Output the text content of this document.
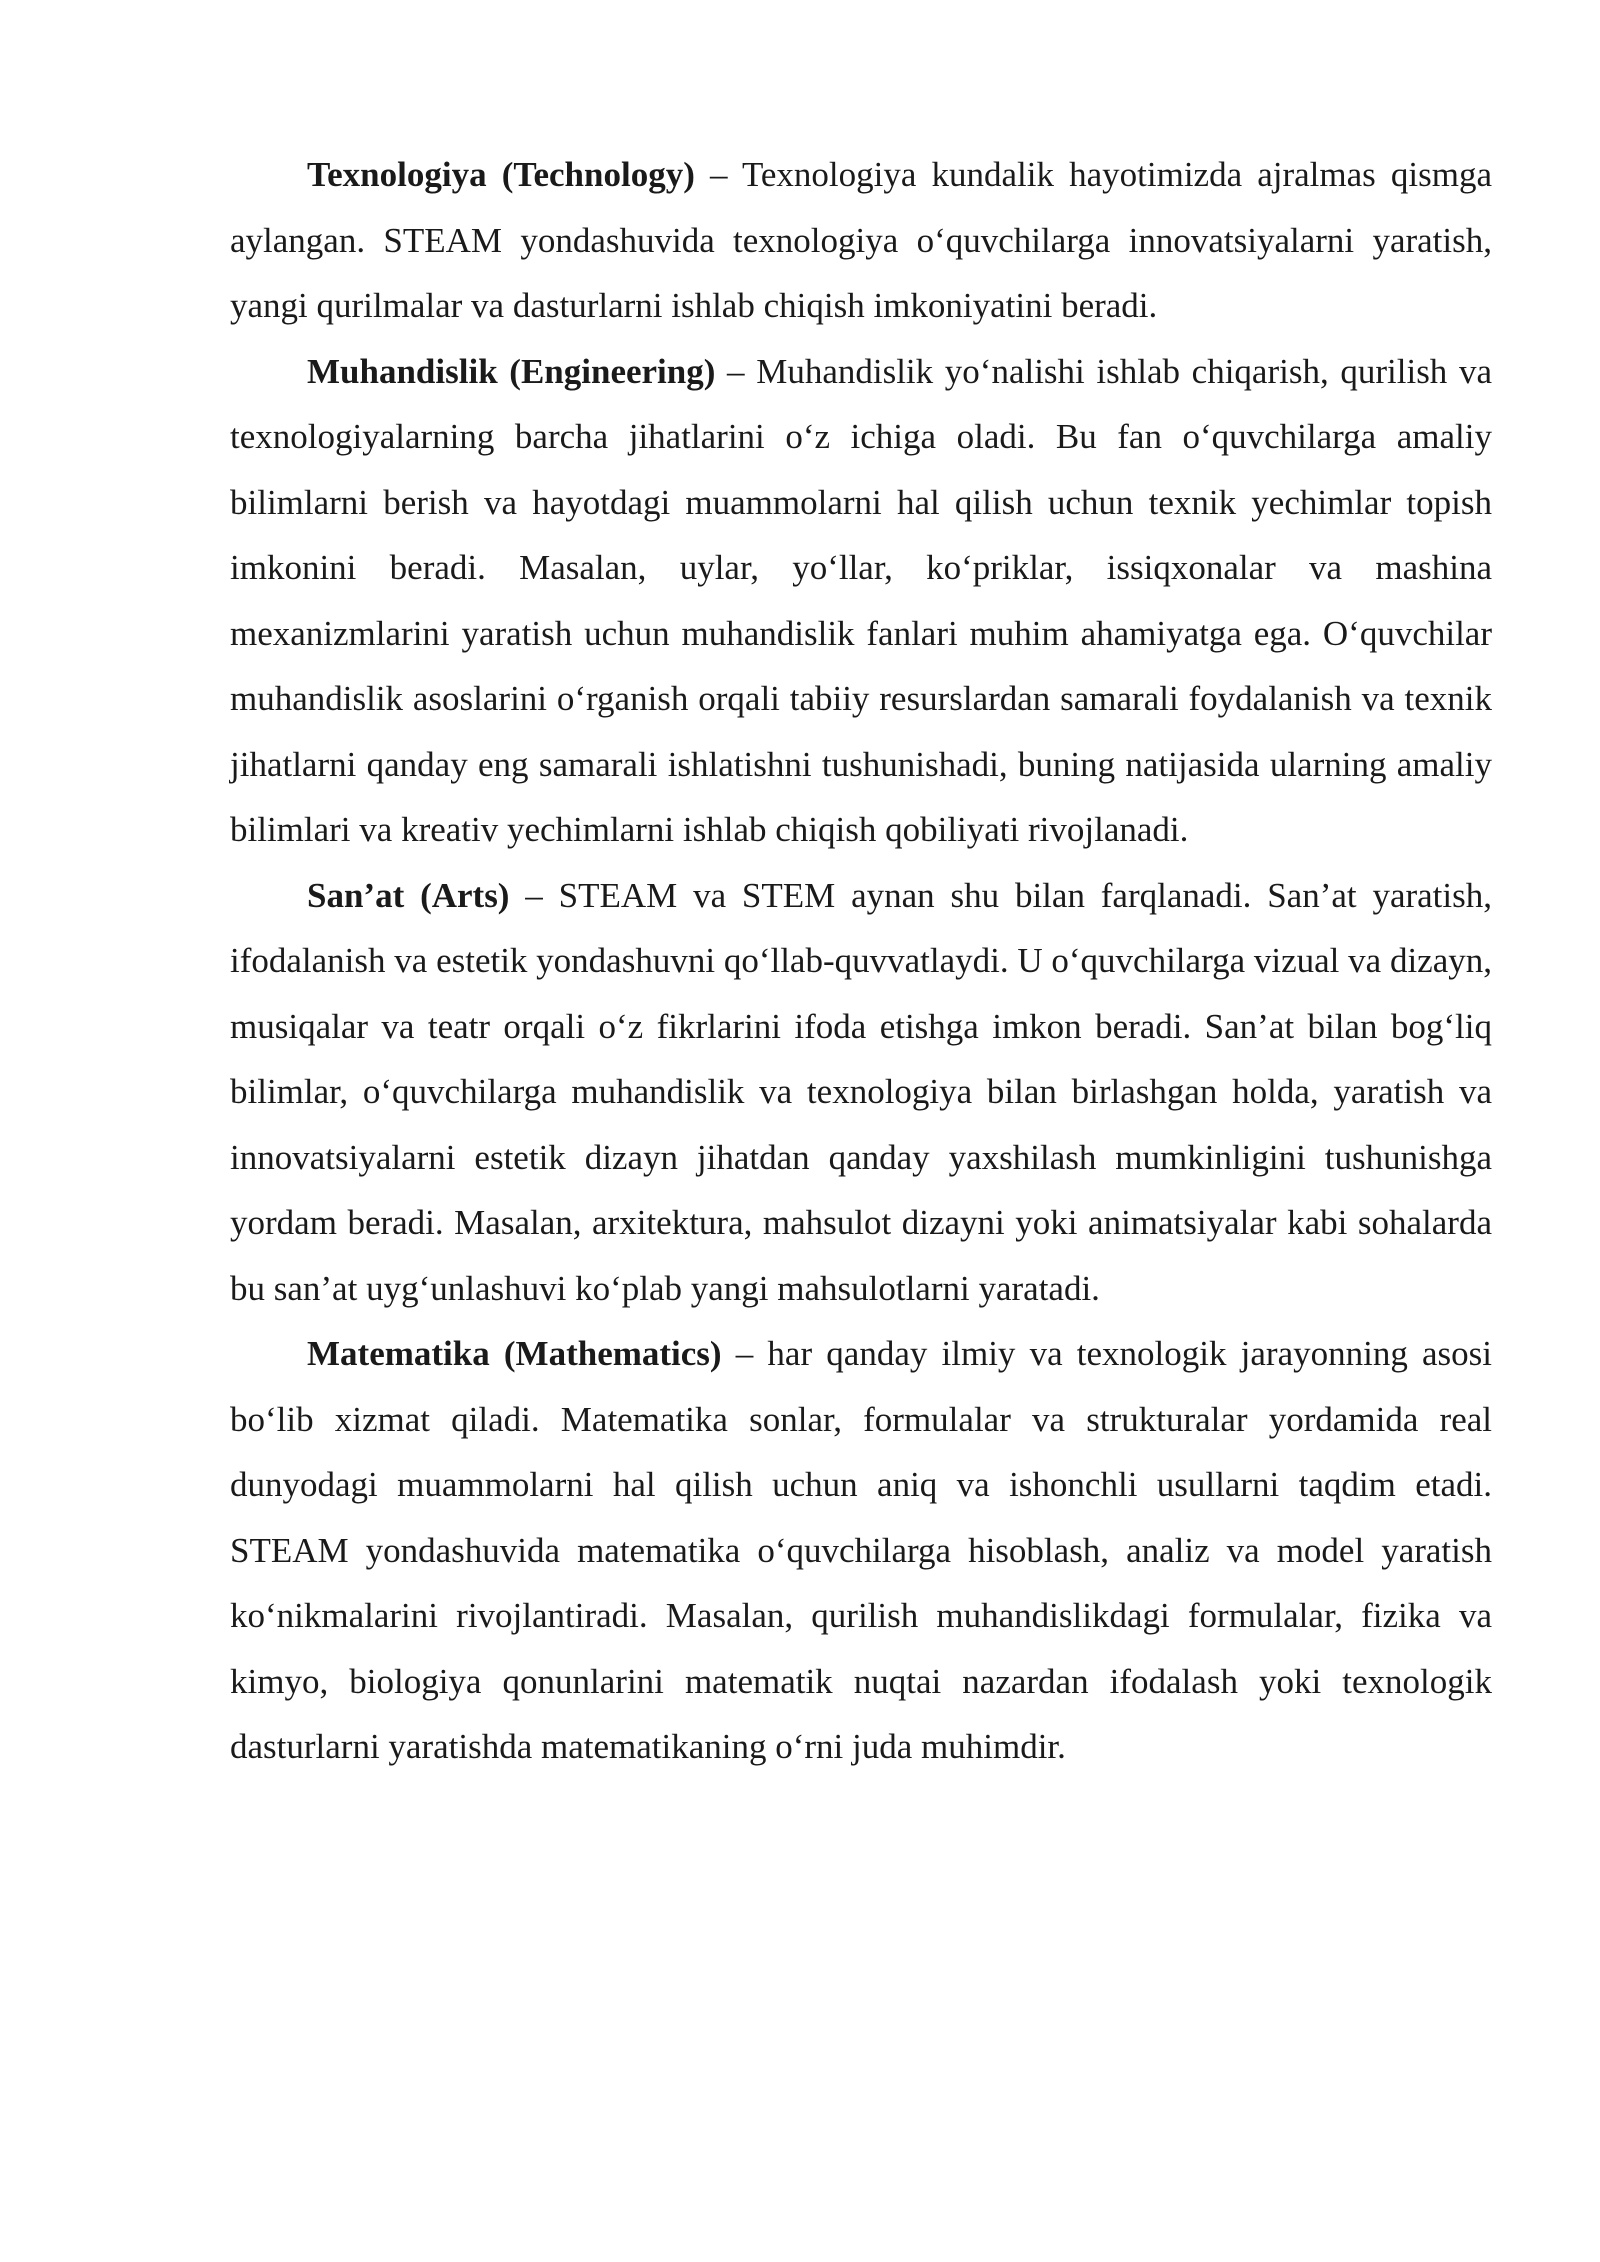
Texnologiya (Technology) – Texnologiya kundalik hayotimizda ajralmas qismga aylangan. STEAM yondashuvida texnologiya o‘quvchilarga innovatsiyalarni yaratish, yangi qurilmalar va dasturlarni ishlab chiqish imkoniyatini beradi.

Muhandislik (Engineering) – Muhandislik yo‘nalishi ishlab chiqarish, qurilish va texnologiyalarning barcha jihatlarini o‘z ichiga oladi. Bu fan o‘quvchilarga amaliy bilimlarni berish va hayotdagi muammolarni hal qilish uchun texnik yechimlar topish imkonini beradi. Masalan, uylar, yo‘llar, ko‘priklar, issiqxonalar va mashina mexanizmlarini yaratish uchun muhandislik fanlari muhim ahamiyatga ega. O‘quvchilar muhandislik asoslarini o‘rganish orqali tabiiy resurslardan samarali foydalanish va texnik jihatlarni qanday eng samarali ishlatishni tushunishadi, buning natijasida ularning amaliy bilimlari va kreativ yechimlarni ishlab chiqish qobiliyati rivojlanadi.

San’at (Arts) – STEAM va STEM aynan shu bilan farqlanadi. San’at yaratish, ifodalanish va estetik yondashuvni qo‘llab-quvvatlaydi. U o‘quvchilarga vizual va dizayn, musiqalar va teatr orqali o‘z fikrlarini ifoda etishga imkon beradi. San’at bilan bog‘liq bilimlar, o‘quvchilarga muhandislik va texnologiya bilan birlashgan holda, yaratish va innovatsiyalarni estetik dizayn jihatdan qanday yaxshilash mumkinligini tushunishga yordam beradi. Masalan, arxitektura, mahsulot dizayni yoki animatsiyalar kabi sohalarda bu san’at uyg‘unlashuvi ko‘plab yangi mahsulotlarni yaratadi.

Matematika (Mathematics) – har qanday ilmiy va texnologik jarayonning asosi bo‘lib xizmat qiladi. Matematika sonlar, formulalar va strukturalar yordamida real dunyodagi muammolarni hal qilish uchun aniq va ishonchli usullarni taqdim etadi. STEAM yondashuvida matematika o‘quvchilarga hisoblash, analiz va model yaratish ko‘nikmalarini rivojlantiradi. Masalan, qurilish muhandislikdagi formulalar, fizika va kimyo, biologiya qonunlarini matematik nuqtai nazardan ifodalash yoki texnologik dasturlarni yaratishda matematikaning o‘rni juda muhimdir.
